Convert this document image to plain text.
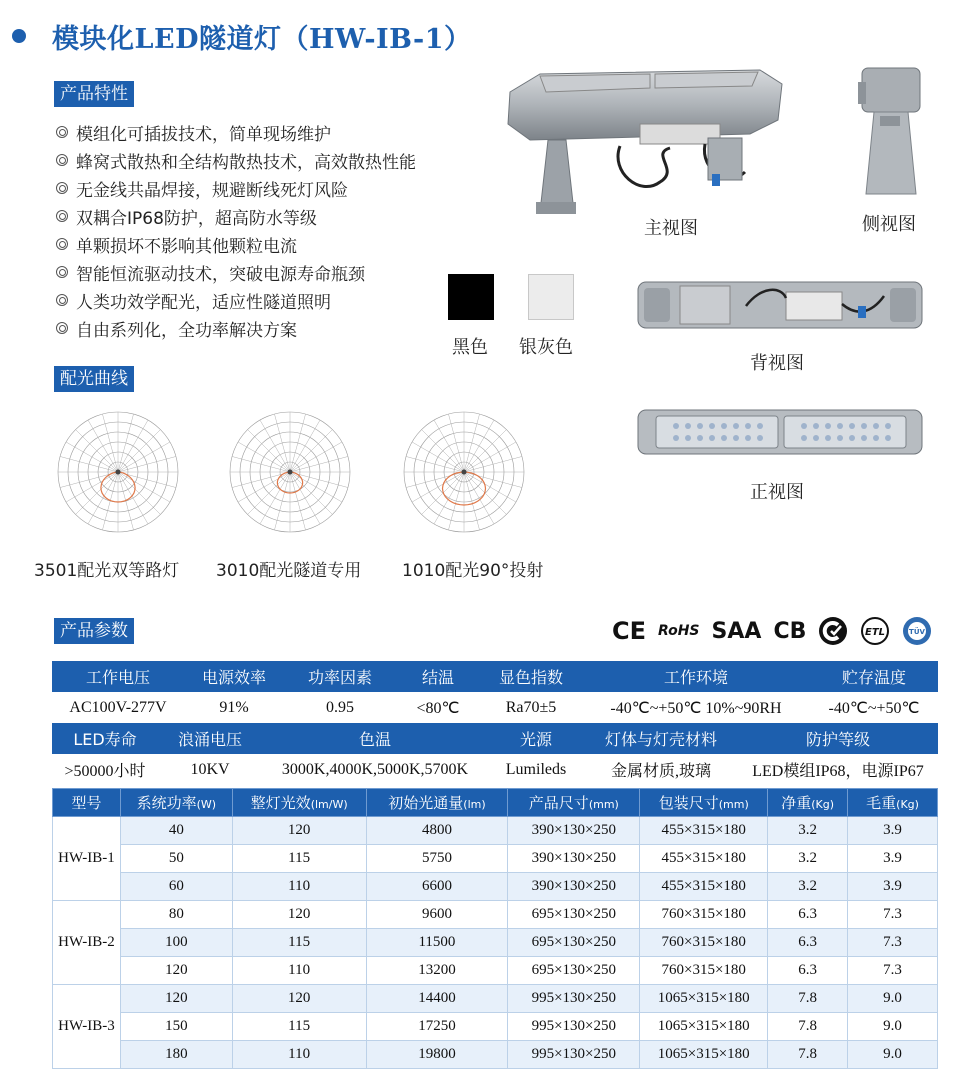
模块化LED隧道灯（HW-IB-1）
产品特性
模组化可插拔技术，简单现场维护
蜂窝式散热和全结构散热技术，高效散热性能
无金线共晶焊接，规避断线死灯风险
双耦合IP68防护，超高防水等级
单颗损坏不影响其他颗粒电流
智能恒流驱动技术，突破电源寿命瓶颈
人类功效学配光，适应性隧道照明
自由系列化，全功率解决方案
黑色 银灰色
主视图	侧视图
背视图
正视图
配光曲线
3501配光双等路灯 3010配光隧道专用 1010配光90°投射
产品参数	CE RoHS SAA CB	ETL	TÜV
工作电压	电源效率	功率因素	结温	显色指数	工作环境	贮存温度
AC100V-277V	91%	0.95	<80℃	Ra70±5	-40℃~+50℃ 10%~90RH	-40℃~+50℃
LED寿命	浪涌电压	色温	光源	灯体与灯壳材料	防护等级
>50000小时	10KV	3000K,4000K,5000K,5700K	Lumileds	金属材质,玻璃	LED模组IP68，电源IP67
型号	系统功率(W)	整灯光效(lm/W)	初始光通量(lm)	产品尺寸(mm)	包装尺寸(mm)	净重(Kg)	毛重(Kg)
HW-IB-1	40	120	4800	390×130×250	455×315×180	3.2	3.9
	50	115	5750	390×130×250	455×315×180	3.2	3.9
	60	110	6600	390×130×250	455×315×180	3.2	3.9
HW-IB-2	80	120	9600	695×130×250	760×315×180	6.3	7.3
	100	115	11500	695×130×250	760×315×180	6.3	7.3
	120	110	13200	695×130×250	760×315×180	6.3	7.3
HW-IB-3	120	120	14400	995×130×250	1065×315×180	7.8	9.0
	150	115	17250	995×130×250	1065×315×180	7.8	9.0
	180	110	19800	995×130×250	1065×315×180	7.8	9.0
